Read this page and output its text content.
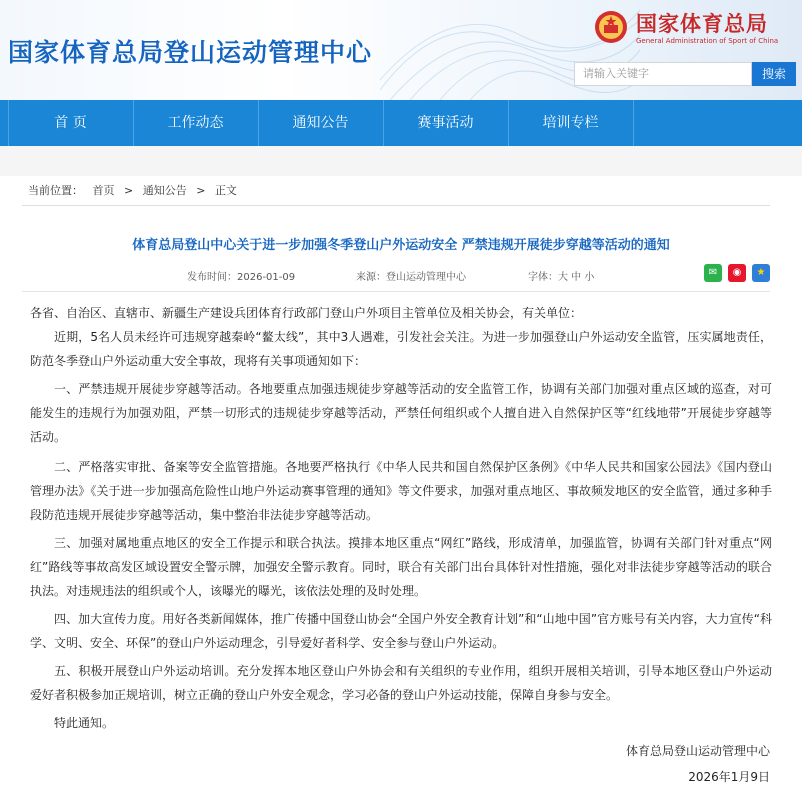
国家体育总局登山运动管理中心
国家体育总局
General Administration of Sport of China
请输入关键字	搜索
首 页	工作动态	通知公告	赛事活动	培训专栏
当前位置： 首页 > 通知公告 > 正文
体育总局登山中心关于进一步加强冬季登山户外运动安全 严禁违规开展徒步穿越等活动的通知
发布时间：2026-01-09	来源：登山运动管理中心	字体：大 中 小	✉	◉	★
各省、自治区、直辖市、新疆生产建设兵团体育行政部门登山户外项目主管单位及相关协会，有关单位：
近期，5名人员未经许可违规穿越秦岭“鳌太线”，其中3人遇难，引发社会关注。为进一步加强登山户外运动安全监管，压实属地责任，防范冬季登山户外运动重大安全事故，现将有关事项通知如下：
一、严禁违规开展徒步穿越等活动。各地要重点加强违规徒步穿越等活动的安全监管工作，协调有关部门加强对重点区域的巡查，对可能发生的违规行为加强劝阻，严禁一切形式的违规徒步穿越等活动，严禁任何组织或个人擅自进入自然保护区等“红线地带”开展徒步穿越等活动。
二、严格落实审批、备案等安全监管措施。各地要严格执行《中华人民共和国自然保护区条例》《中华人民共和国家公园法》《国内登山管理办法》《关于进一步加强高危险性山地户外运动赛事管理的通知》等文件要求，加强对重点地区、事故频发地区的安全监管，通过多种手段防范违规开展徒步穿越等活动，集中整治非法徒步穿越等活动。
三、加强对属地重点地区的安全工作提示和联合执法。摸排本地区重点“网红”路线，形成清单，加强监管，协调有关部门针对重点“网红”路线等事故高发区域设置安全警示牌，加强安全警示教育。同时，联合有关部门出台具体针对性措施，强化对非法徒步穿越等活动的联合执法。对违规违法的组织或个人，该曝光的曝光，该依法处理的及时处理。
四、加大宣传力度。用好各类新闻媒体，推广传播中国登山协会“全国户外安全教育计划”和“山地中国”官方账号有关内容，大力宣传“科学、文明、安全、环保”的登山户外运动理念，引导爱好者科学、安全参与登山户外运动。
五、积极开展登山户外运动培训。充分发挥本地区登山户外协会和有关组织的专业作用，组织开展相关培训，引导本地区登山户外运动爱好者积极参加正规培训，树立正确的登山户外安全观念，学习必备的登山户外运动技能，保障自身参与安全。
特此通知。
体育总局登山运动管理中心
2026年1月9日
